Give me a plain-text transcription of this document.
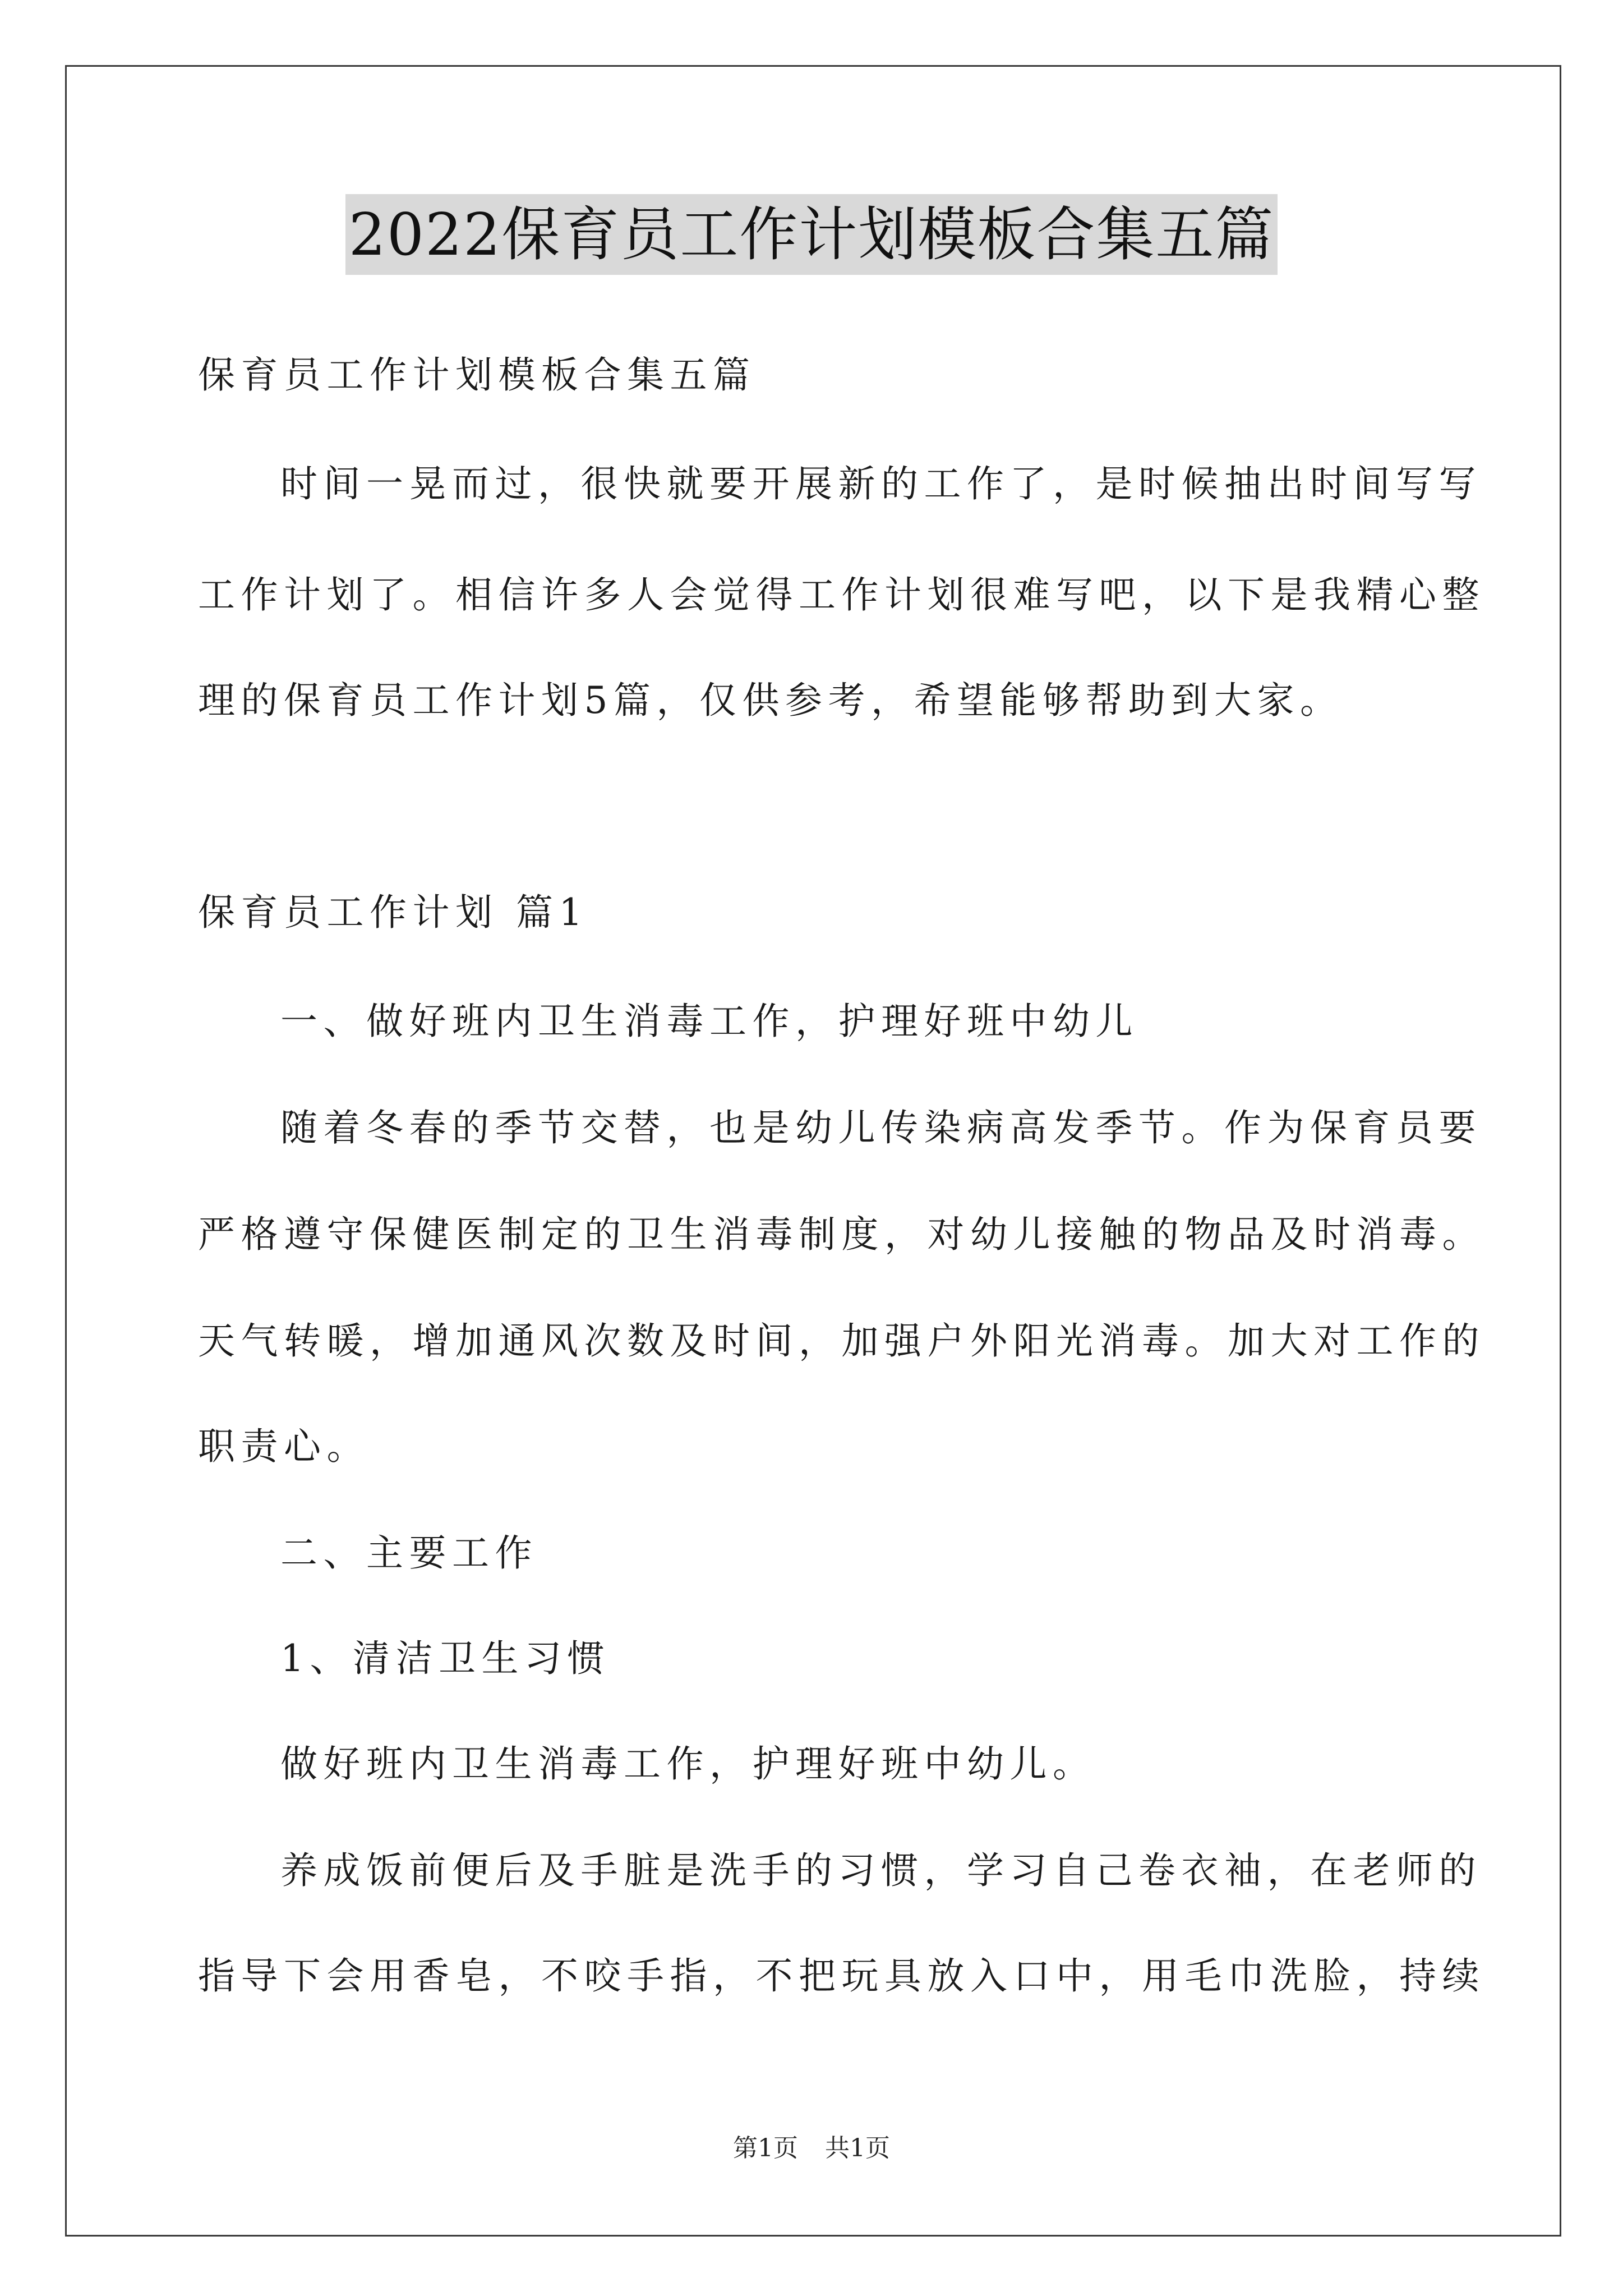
2022保育员工作计划模板合集五篇
保育员工作计划模板合集五篇
时间一晃而过，很快就要开展新的工作了，是时候抽出时间写写
工作计划了。相信许多人会觉得工作计划很难写吧，以下是我精心整
理的保育员工作计划5篇，仅供参考，希望能够帮助到大家。
保育员工作计划 篇1
一、做好班内卫生消毒工作，护理好班中幼儿
随着冬春的季节交替，也是幼儿传染病高发季节。作为保育员要
严格遵守保健医制定的卫生消毒制度，对幼儿接触的物品及时消毒。
天气转暖，增加通风次数及时间，加强户外阳光消毒。加大对工作的
职责心。
二、主要工作
1、清洁卫生习惯
做好班内卫生消毒工作，护理好班中幼儿。
养成饭前便后及手脏是洗手的习惯，学习自己卷衣袖，在老师的
指导下会用香皂，不咬手指，不把玩具放入口中，用毛巾洗脸，持续
第1页 共1页
